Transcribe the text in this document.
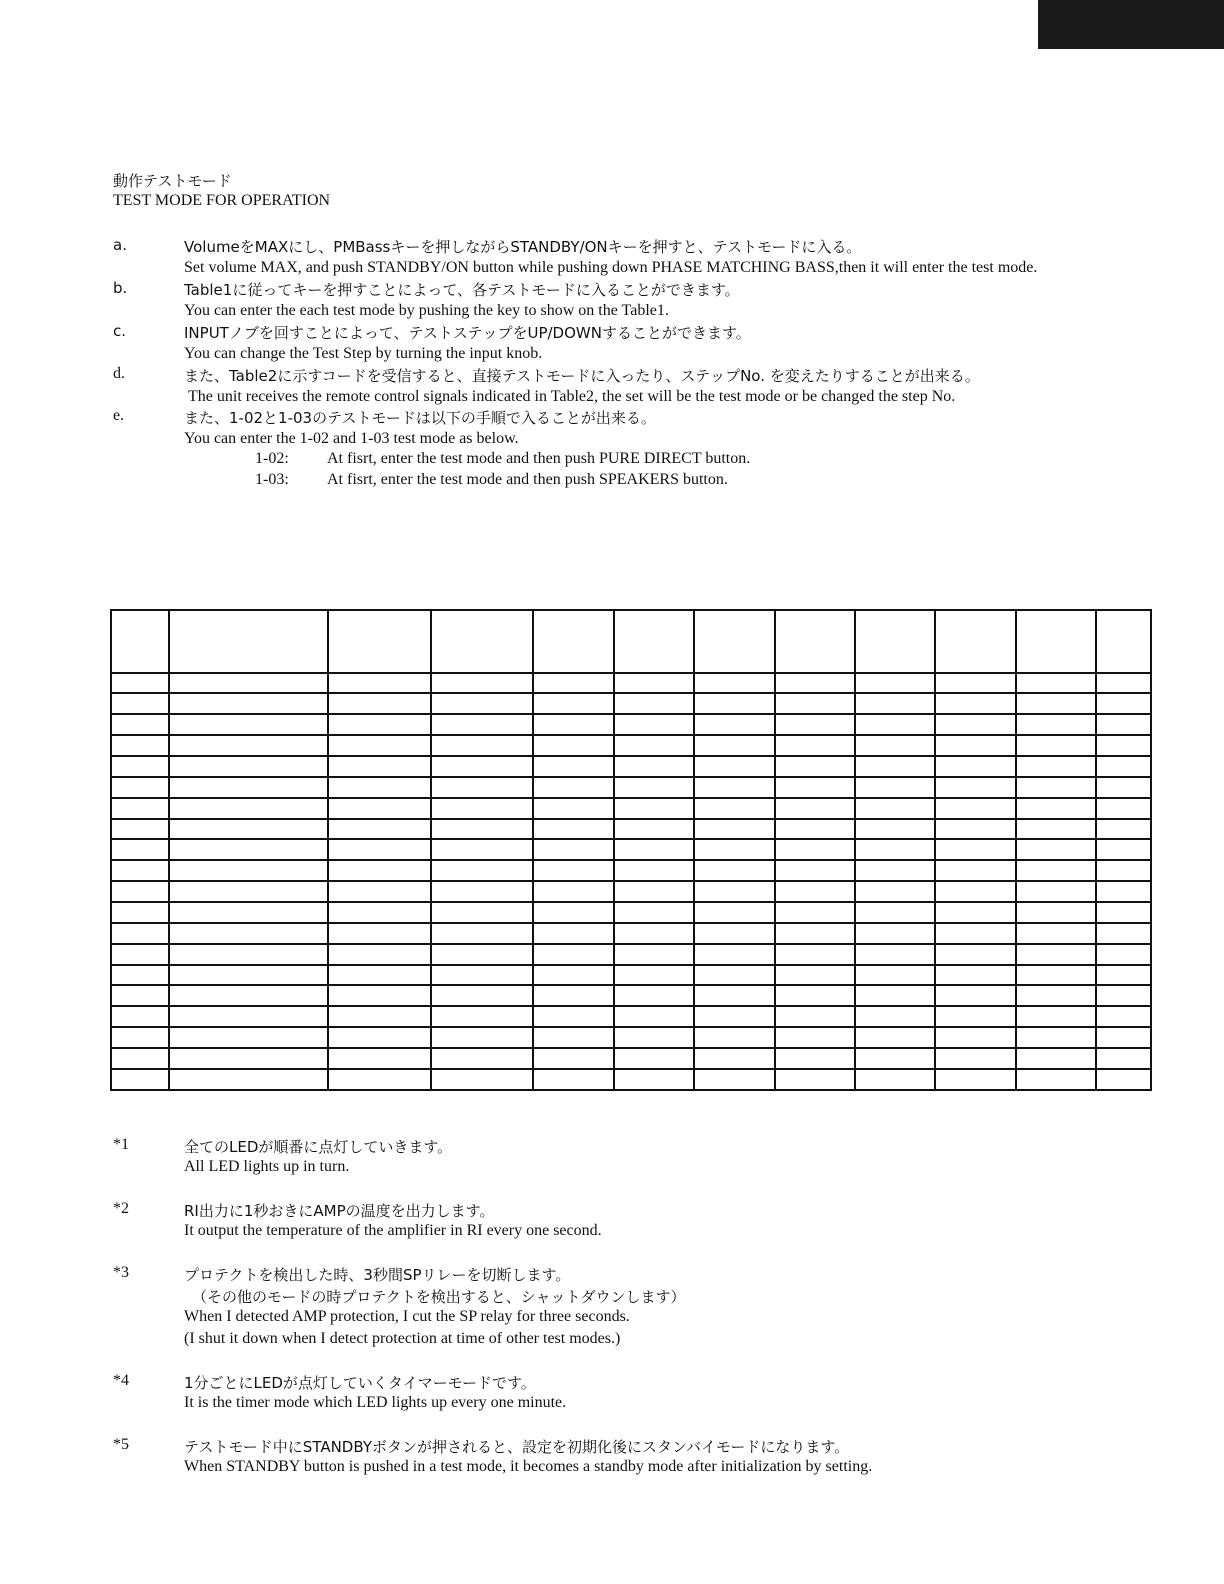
動作テストモード
TEST MODE FOR OPERATION
a.	VolumeをMAXにし、PMBassキーを押しながらSTANDBY/ONキーを押すと、テストモードに入る。
Set volume MAX, and push STANDBY/ON button while pushing down PHASE MATCHING BASS,then it will enter the test mode.
b.	Table1に従ってキーを押すことによって、各テストモードに入ることができます。
You can enter the each test mode by pushing the key to show on the Table1.
c.	INPUTノブを回すことによって、テストステップをUP/DOWNすることができます。
You can change the Test Step by turning the input knob.
d.	また、Table2に示すコードを受信すると、直接テストモードに入ったり、ステップNo. を変えたりすることが出来る。
The unit receives the remote control signals indicated in Table2, the set will be the test mode or be changed the step No.
e.	また、1-02と1-03のテストモードは以下の手順で入ることが出来る。
You can enter the 1-02 and 1-03 test mode as below.
1-02: At fisrt, enter the test mode and then push PURE DIRECT button.
1-03: At fisrt, enter the test mode and then push SPEAKERS button.

*1	全てのLEDが順番に点灯していきます。
All LED lights up in turn.
*2	RI出力に1秒おきにAMPの温度を出力します。
It output the temperature of the amplifier in RI every one second.
*3	プロテクトを検出した時、3秒間SPリレーを切断します。
（その他のモードの時プロテクトを検出すると、シャットダウンします）
When I detected AMP protection, I cut the SP relay for three seconds.
(I shut it down when I detect protection at time of other test modes.)
*4	1分ごとにLEDが点灯していくタイマーモードです。
It is the timer mode which LED lights up every one minute.
*5	テストモード中にSTANDBYボタンが押されると、設定を初期化後にスタンバイモードになります。
When STANDBY button is pushed in a test mode, it becomes a standby mode after initialization by setting.
